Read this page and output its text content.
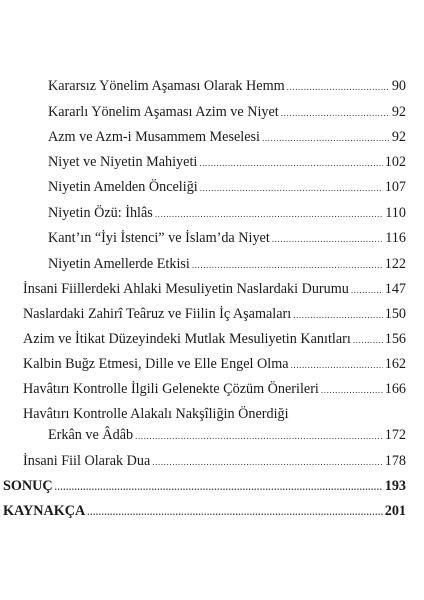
Kararsız Yönelim Aşaması Olarak Hemm .....	90
Kararlı Yönelim Aşaması Azim ve Niyet .....	92
Azm ve Azm-i Musammem Meselesi .....	92
Niyet ve Niyetin Mahiyeti .....	102
Niyetin Amelden Önceliği .....	107
Niyetin Özü: İhlâs .....	110
Kant’ın “İyi İstenci” ve İslam’da Niyet .....	116
Niyetin Amellerde Etkisi .....	122
İnsani Fiillerdeki Ahlaki Mesuliyetin Naslardaki Durumu .....	147
Naslardaki Zahirî Teâruz ve Fiilin İç Aşamaları .....	150
Azim ve İtikat Düzeyindeki Mutlak Mesuliyetin Kanıtları ..... 156
Kalbin Buğz Etmesi, Dille ve Elle Engel Olma .....	162
Havâtırı Kontrolle İlgili Gelenekte Çözüm Önerileri .....	166
Havâtırı Kontrolle Alakalı Nakşîliğin Önerdiği
Erkân ve Âdâb .....	172
İnsani Fiil Olarak Dua .....	178
SONUÇ .....	193
KAYNAKÇA .....	201
